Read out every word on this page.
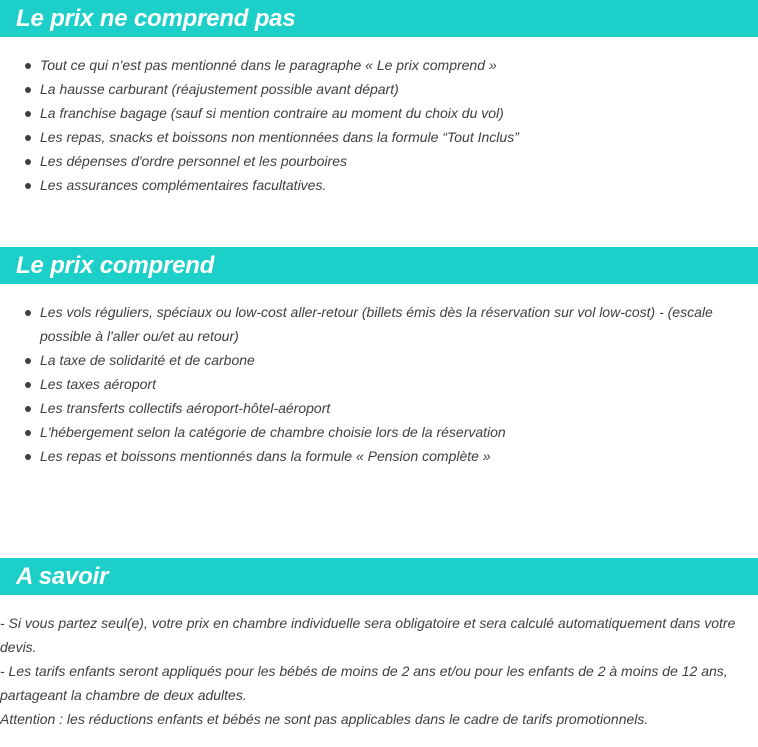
Le prix ne comprend pas
Tout ce qui n'est pas mentionné dans le paragraphe « Le prix comprend »
La hausse carburant (réajustement possible avant départ)
La franchise bagage (sauf si mention contraire au moment du choix du vol)
Les repas, snacks et boissons non mentionnées dans la formule “Tout Inclus”
Les dépenses d'ordre personnel et les pourboires
Les assurances complémentaires facultatives.
Le prix comprend
Les vols réguliers, spéciaux ou low-cost aller-retour (billets émis dès la réservation sur vol low-cost) - (escale possible à l'aller ou/et au retour)
La taxe de solidarité et de carbone
Les taxes aéroport
Les transferts collectifs aéroport-hôtel-aéroport
L'hébergement selon la catégorie de chambre choisie lors de la réservation
Les repas et boissons mentionnés dans la formule « Pension complète »
A savoir

- Si vous partez seul(e), votre prix en chambre individuelle sera obligatoire et sera calculé automatiquement dans votre devis.

- Les tarifs enfants seront appliqués pour les bébés de moins de 2 ans et/ou pour les enfants de 2 à moins de 12 ans, partageant la chambre de deux adultes.

Attention : les réductions enfants et bébés ne sont pas applicables dans le cadre de tarifs promotionnels.
